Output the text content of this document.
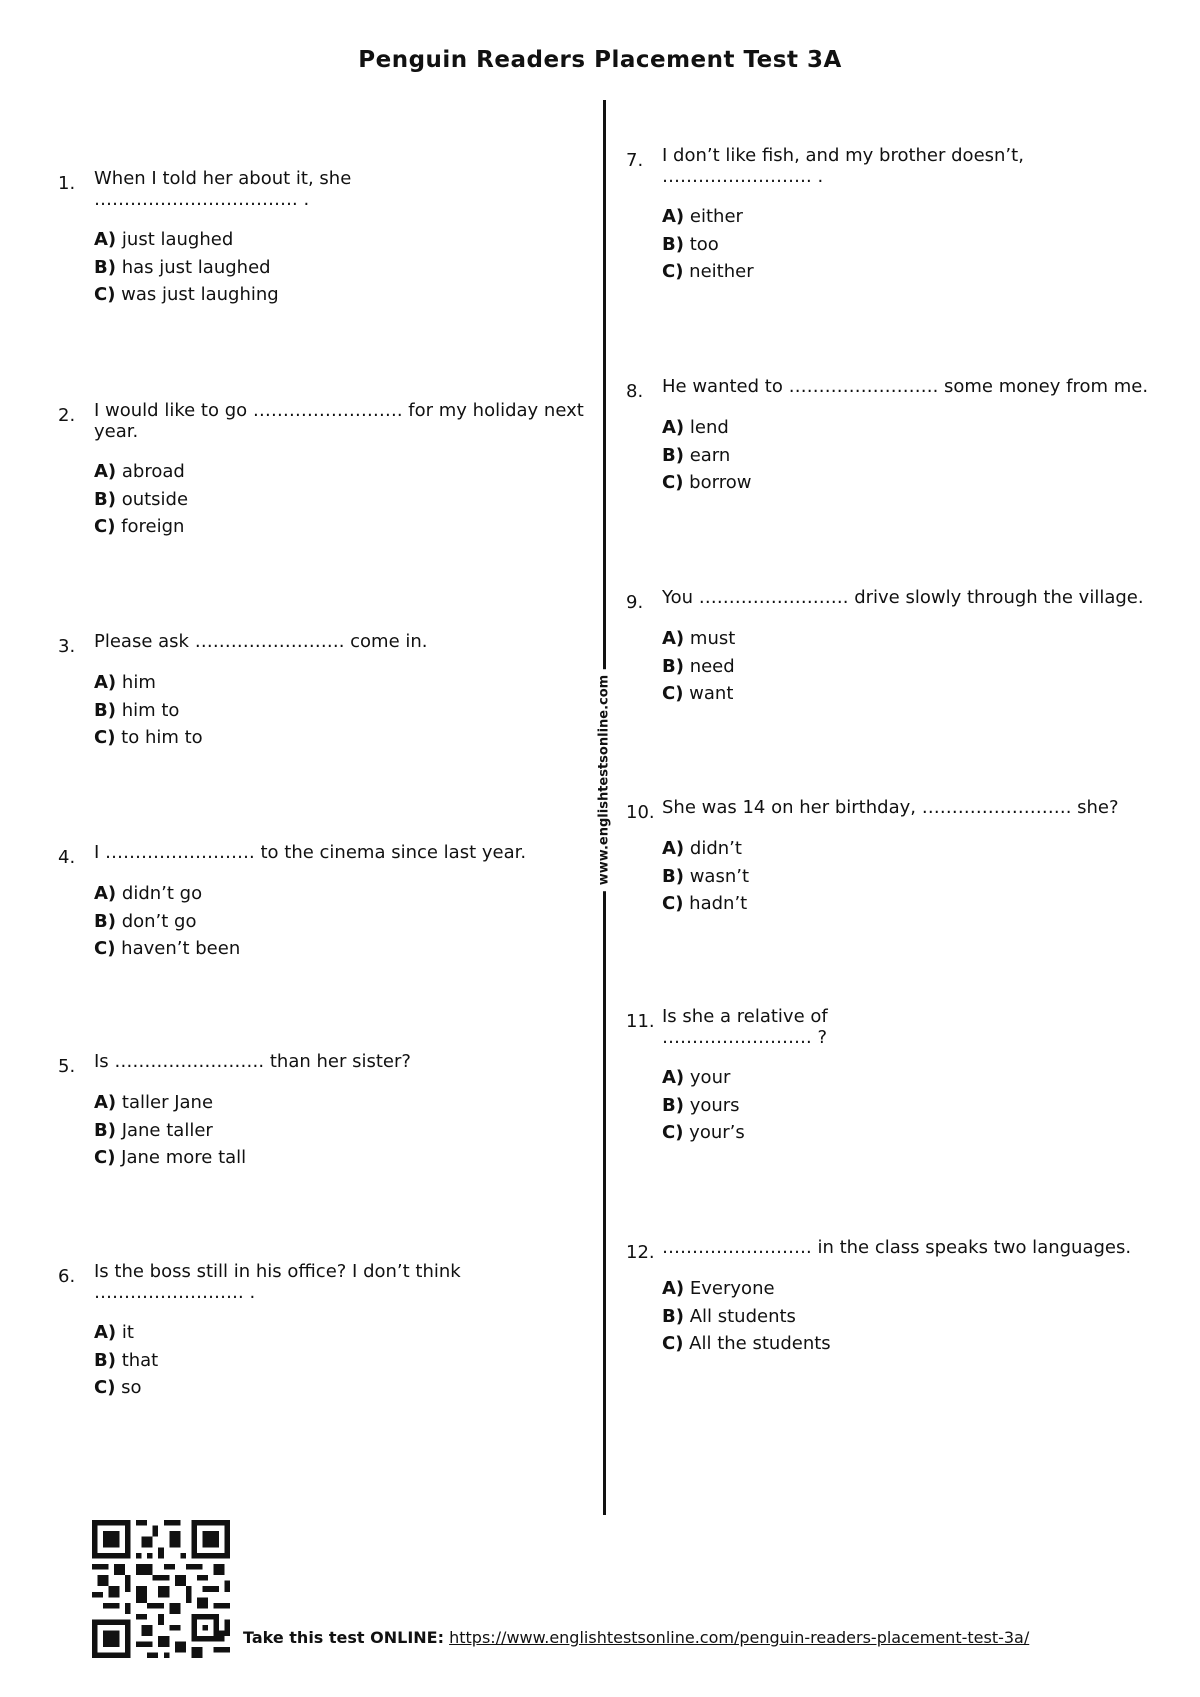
Penguin Readers Placement Test 3A
www.englishtestsonline.com
1. When I told her about it, she
……………………………. .
A) just laughed
B) has just laughed
C) was just laughing
2. I would like to go ……………………. for my holiday next year.
A) abroad
B) outside
C) foreign
3. Please ask ……………………. come in.
A) him
B) him to
C) to him to
4. I ……………………. to the cinema since last year.
A) didn’t go
B) don’t go
C) haven’t been
5. Is ……………………. than her sister?
A) taller Jane
B) Jane taller
C) Jane more tall
6. Is the boss still in his office? I don’t think
……………………. .
A) it
B) that
C) so
7. I don’t like fish, and my brother doesn’t,
……………………. .
A) either
B) too
C) neither
8. He wanted to ……………………. some money from me.
A) lend
B) earn
C) borrow
9. You ……………………. drive slowly through the village.
A) must
B) need
C) want
10. She was 14 on her birthday, ……………………. she?
A) didn’t
B) wasn’t
C) hadn’t
11. Is she a relative of
……………………. ?
A) your
B) yours
C) your’s
12. ……………………. in the class speaks two languages.
A) Everyone
B) All students
C) All the students
Take this test ONLINE: https://www.englishtestsonline.com/penguin-readers-placement-test-3a/
